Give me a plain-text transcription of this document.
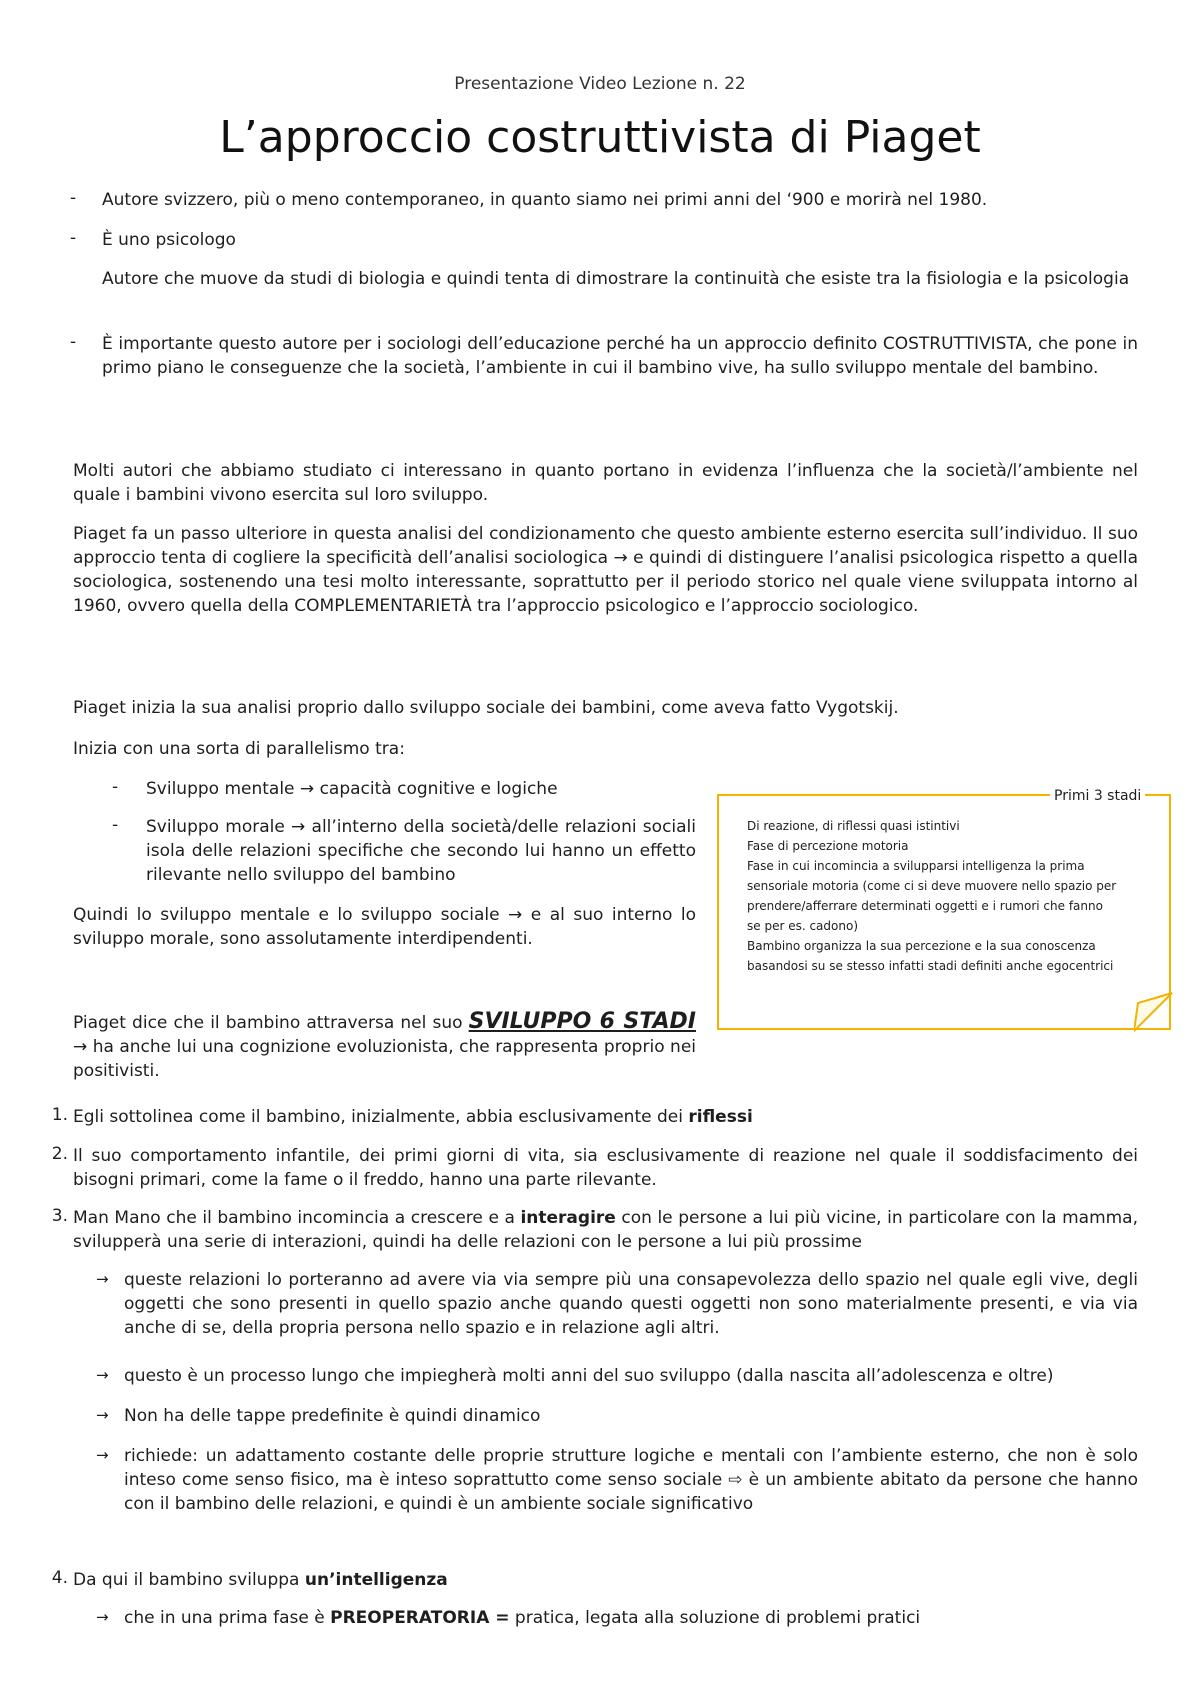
Presentazione Video Lezione n. 22
L’approccio costruttivista di Piaget
- Autore svizzero, più o meno contemporaneo, in quanto siamo nei primi anni del ‘900 e morirà nel 1980.
- È uno psicologo
Autore che muove da studi di biologia e quindi tenta di dimostrare la continuità che esiste tra la fisiologia e la psicologia
- È importante questo autore per i sociologi dell’educazione perché ha un approccio definito COSTRUTTIVISTA, che pone in primo piano le conseguenze che la società, l’ambiente in cui il bambino vive, ha sullo sviluppo mentale del bambino.
Molti autori che abbiamo studiato ci interessano in quanto portano in evidenza l’influenza che la società/l’ambiente nel quale i bambini vivono esercita sul loro sviluppo.
Piaget fa un passo ulteriore in questa analisi del condizionamento che questo ambiente esterno esercita sull’individuo. Il suo approccio tenta di cogliere la specificità dell’analisi sociologica → e quindi di distinguere l’analisi psicologica rispetto a quella sociologica, sostenendo una tesi molto interessante, soprattutto per il periodo storico nel quale viene sviluppata intorno al 1960, ovvero quella della COMPLEMENTARIETÀ tra l’approccio psicologico e l’approccio sociologico.
Piaget inizia la sua analisi proprio dallo sviluppo sociale dei bambini, come aveva fatto Vygotskij.
Inizia con una sorta di parallelismo tra:
- Sviluppo mentale → capacità cognitive e logiche
- Sviluppo morale → all’interno della società/delle relazioni sociali isola delle relazioni specifiche che secondo lui hanno un effetto rilevante nello sviluppo del bambino
Quindi lo sviluppo mentale e lo sviluppo sociale → e al suo interno lo sviluppo morale, sono assolutamente interdipendenti.
Piaget dice che il bambino attraversa nel suo SVILUPPO 6 STADI → ha anche lui una cognizione evoluzionista, che rappresenta proprio nei positivisti.
Primi 3 stadi
Di reazione, di riflessi quasi istintivi
Fase di percezione motoria
Fase in cui incomincia a svilupparsi intelligenza la prima
sensoriale motoria (come ci si deve muovere nello spazio per
prendere/afferrare determinati oggetti e i rumori che fanno
se per es. cadono)
Bambino organizza la sua percezione e la sua conoscenza
basandosi su se stesso infatti stadi definiti anche egocentrici
1. Egli sottolinea come il bambino, inizialmente, abbia esclusivamente dei riflessi
2. Il suo comportamento infantile, dei primi giorni di vita, sia esclusivamente di reazione nel quale il soddisfacimento dei bisogni primari, come la fame o il freddo, hanno una parte rilevante.
3. Man Mano che il bambino incomincia a crescere e a interagire con le persone a lui più vicine, in particolare con la mamma, svilupperà una serie di interazioni, quindi ha delle relazioni con le persone a lui più prossime
→ queste relazioni lo porteranno ad avere via via sempre più una consapevolezza dello spazio nel quale egli vive, degli oggetti che sono presenti in quello spazio anche quando questi oggetti non sono materialmente presenti, e via via anche di se, della propria persona nello spazio e in relazione agli altri.
→ questo è un processo lungo che impiegherà molti anni del suo sviluppo (dalla nascita all’adolescenza e oltre)
→ Non ha delle tappe predefinite è quindi dinamico
→ richiede: un adattamento costante delle proprie strutture logiche e mentali con l’ambiente esterno, che non è solo inteso come senso fisico, ma è inteso soprattutto come senso sociale ⇨ è un ambiente abitato da persone che hanno con il bambino delle relazioni, e quindi è un ambiente sociale significativo
4. Da qui il bambino sviluppa un’intelligenza
→ che in una prima fase è PREOPERATORIA = pratica, legata alla soluzione di problemi pratici
